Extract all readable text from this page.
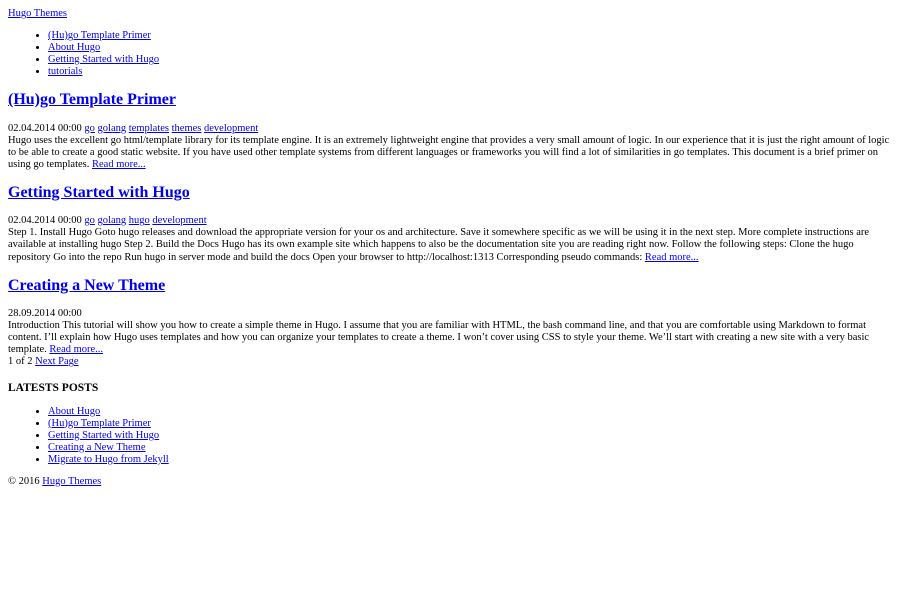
Hugo Themes

• (Hu)go Template Primer
• About Hugo
• Getting Started with Hugo
• tutorials
(Hu)go Template Primer
02.04.2014 00:00 go golang templates themes development
Hugo uses the excellent go html/template library for its template engine. It is an extremely lightweight engine that provides a very small amount of logic. In our experience that it is just the right amount of logic to be able to create a good static website. If you have used other template systems from different languages or frameworks you will find a lot of similarities in go templates. This document is a brief primer on using go templates. Read more...
Getting Started with Hugo
02.04.2014 00:00 go golang hugo development
Step 1. Install Hugo Goto hugo releases and download the appropriate version for your os and architecture. Save it somewhere specific as we will be using it in the next step. More complete instructions are available at installing hugo Step 2. Build the Docs Hugo has its own example site which happens to also be the documentation site you are reading right now. Follow the following steps: Clone the hugo repository Go into the repo Run hugo in server mode and build the docs Open your browser to http://localhost:1313 Corresponding pseudo commands: Read more...
Creating a New Theme
28.09.2014 00:00
Introduction This tutorial will show you how to create a simple theme in Hugo. I assume that you are familiar with HTML, the bash command line, and that you are comfortable using Markdown to format content. I’ll explain how Hugo uses templates and how you can organize your templates to create a theme. I won’t cover using CSS to style your theme. We’ll start with creating a new site with a very basic template. Read more...
1 of 2 Next Page
LATESTS POSTS
• About Hugo
• (Hu)go Template Primer
• Getting Started with Hugo
• Creating a New Theme
• Migrate to Hugo from Jekyll

© 2016 Hugo Themes
